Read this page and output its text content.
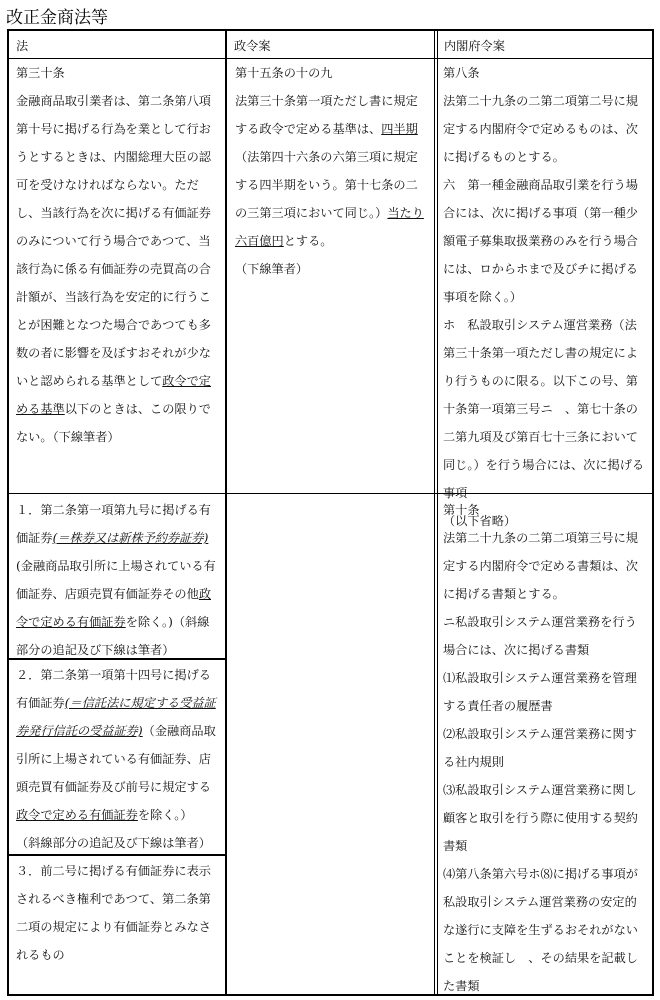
改正金商法等
法	政令案	内閣府令案
第三十条
金融商品取引業者は、第二条第八項第十号に掲げる行為を業として行おうとするときは、内閣総理大臣の認可を受けなければならない。ただし、当該行為を次に掲げる有価証券のみについて行う場合であつて、当該行為に係る有価証券の売買高の合計額が、当該行為を安定的に行うことが困難となつた場合であつても多数の者に影響を及ぼすおそれが少ないと認められる基準として政令で定める基準以下のときは、この限りでない。（下線筆者）
第十五条の十の九
法第三十条第一項ただし書に規定する政令で定める基準は、四半期（法第四十六条の六第三項に規定する四半期をいう。第十七条の二の三第三項において同じ。）当たり六百億円とする。
（下線筆者）
第八条
法第二十九条の二第二項第二号に規定する内閣府令で定めるものは、次に掲げるものとする。
六　第一種金融商品取引業を行う場合には、次に掲げる事項（第一種少額電子募集取扱業務のみを行う場合には、ロからホまで及びチに掲げる事項を除く。）
ホ　私設取引システム運営業務（法第三十条第一項ただし書の規定により行うものに限る。以下この号、第十条第一項第三号ニ　、第七十条の二第九項及び第百七十三条において同じ。）を行う場合には、次に掲げる事項
（以下省略）
１．第二条第一項第九号に掲げる有価証券(＝株券又は新株予約券証券)(金融商品取引所に上場されている有価証券、店頭売買有価証券その他政令で定める有価証券を除く。)（斜線部分の追記及び下線は筆者）
２．第二条第一項第十四号に掲げる有価証券(＝信託法に規定する受益証券発行信託の受益証券)（金融商品取引所に上場されている有価証券、店頭売買有価証券及び前号に規定する政令で定める有価証券を除く。）
（斜線部分の追記及び下線は筆者）
３．前二号に掲げる有価証券に表示されるべき権利であつて、第二条第二項の規定により有価証券とみなされるもの
第十条
法第二十九条の二第二項第三号に規定する内閣府令で定める書類は、次に掲げる書類とする。
ニ私設取引システム運営業務を行う場合には、次に掲げる書類
⑴私設取引システム運営業務を管理する責任者の履歴書
⑵私設取引システム運営業務に関する社内規則
⑶私設取引システム運営業務に関し顧客と取引を行う際に使用する契約書類
⑷第八条第六号ホ⑻に掲げる事項が私設取引システム運営業務の安定的な遂行に支障を生ずるおそれがないことを検証し　、その結果を記載した書類
